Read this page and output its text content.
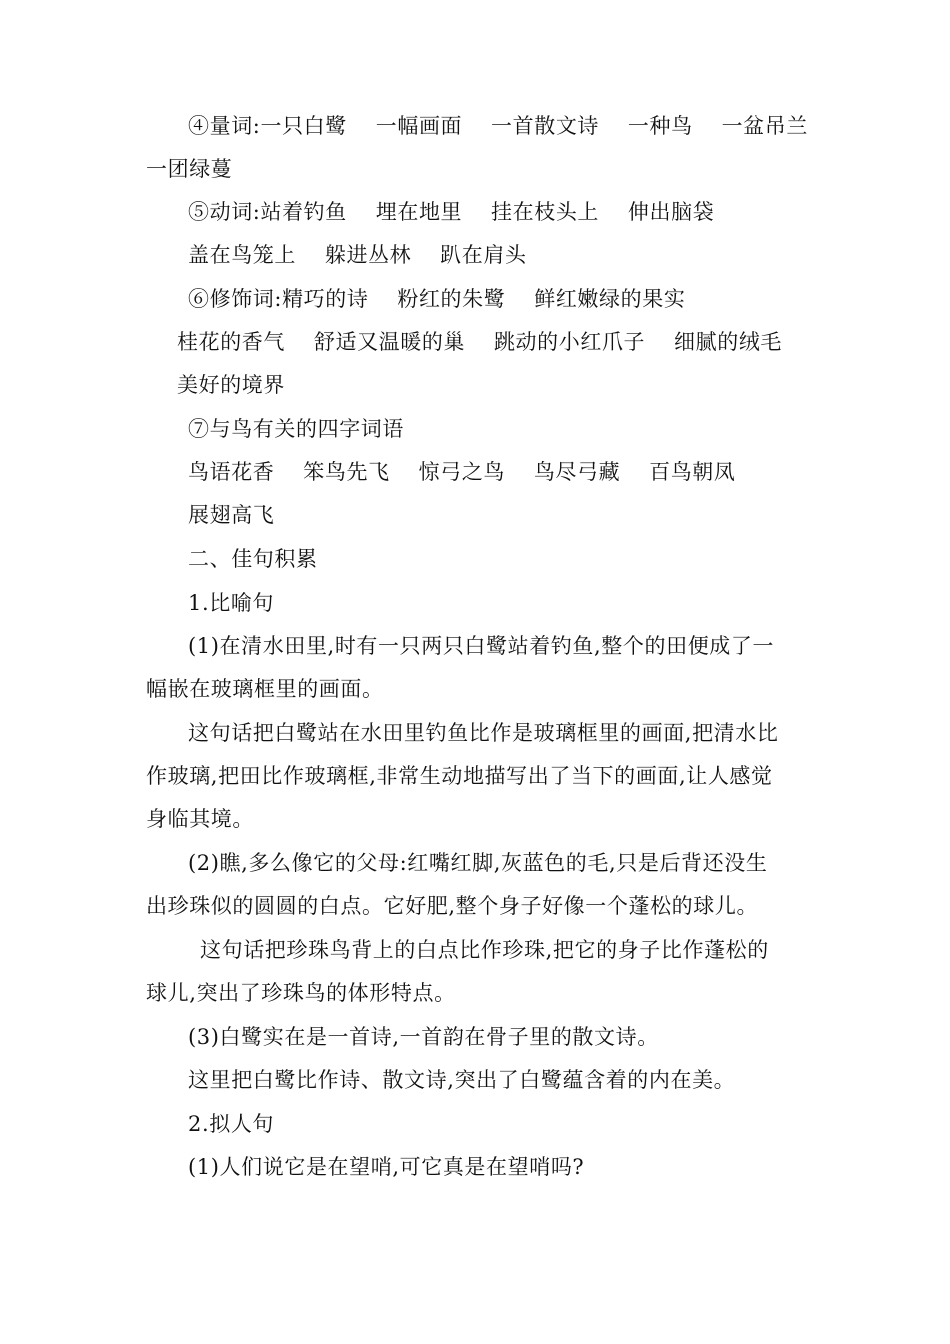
④量词:一只白鹭　 一幅画面　 一首散文诗　 一种鸟　 一盆吊兰
一团绿蔓
⑤动词:站着钓鱼　 埋在地里　 挂在枝头上　 伸出脑袋
盖在鸟笼上　 躲进丛林　 趴在肩头
⑥修饰词:精巧的诗　 粉红的朱鹭　 鲜红嫩绿的果实
桂花的香气　 舒适又温暖的巢　 跳动的小红爪子　 细腻的绒毛
美好的境界
⑦与鸟有关的四字词语
鸟语花香　 笨鸟先飞　 惊弓之鸟　 鸟尽弓藏　 百鸟朝凤
展翅高飞
二、佳句积累
1.比喻句
(1)在清水田里,时有一只两只白鹭站着钓鱼,整个的田便成了一
幅嵌在玻璃框里的画面。
这句话把白鹭站在水田里钓鱼比作是玻璃框里的画面,把清水比
作玻璃,把田比作玻璃框,非常生动地描写出了当下的画面,让人感觉
身临其境。
(2)瞧,多么像它的父母:红嘴红脚,灰蓝色的毛,只是后背还没生
出珍珠似的圆圆的白点。它好肥,整个身子好像一个蓬松的球儿。
这句话把珍珠鸟背上的白点比作珍珠,把它的身子比作蓬松的
球儿,突出了珍珠鸟的体形特点。
(3)白鹭实在是一首诗,一首韵在骨子里的散文诗。
这里把白鹭比作诗、散文诗,突出了白鹭蕴含着的内在美。
2.拟人句
(1)人们说它是在望哨,可它真是在望哨吗?
